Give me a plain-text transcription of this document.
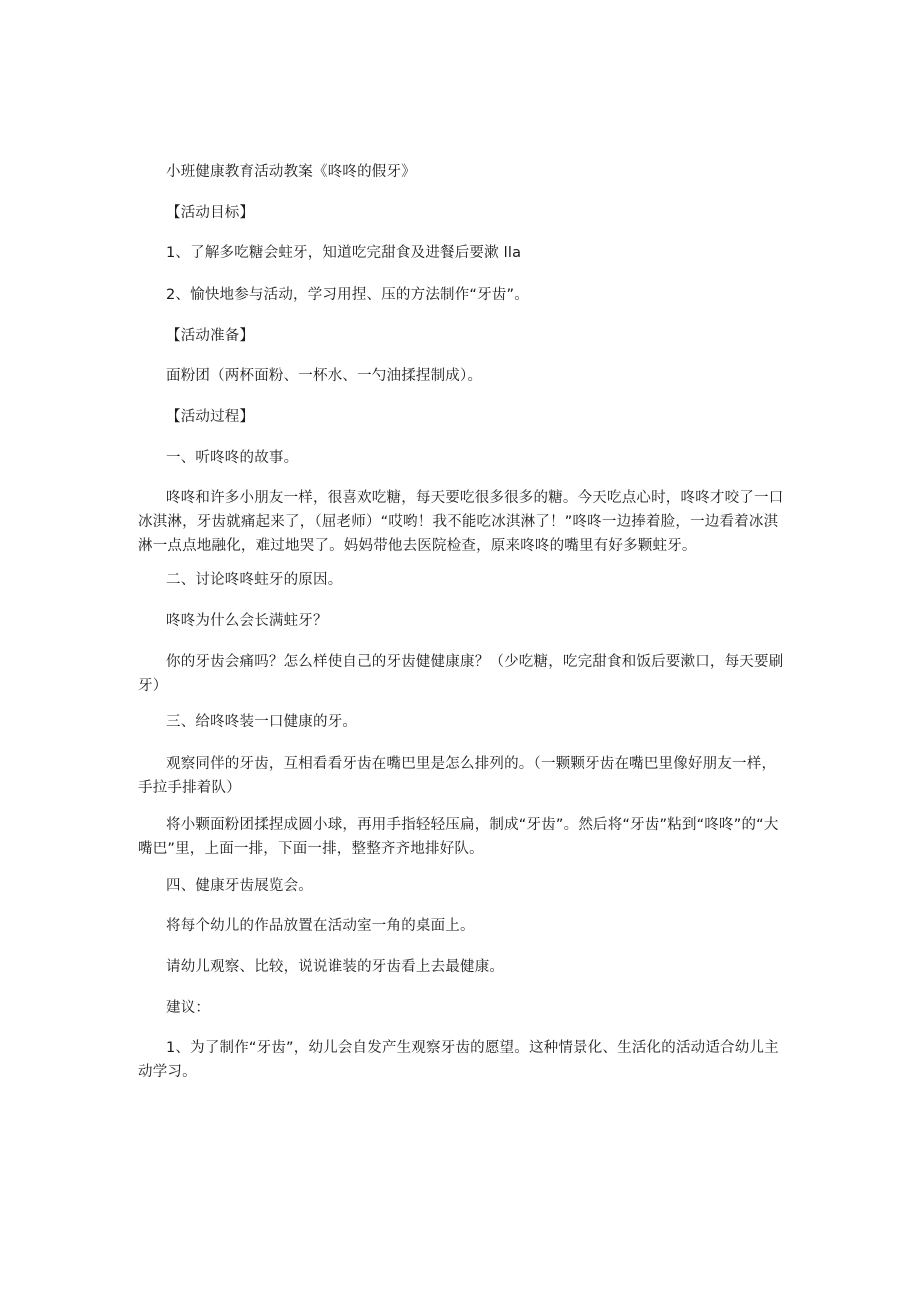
小班健康教育活动教案《咚咚的假牙》
【活动目标】
1、了解多吃糖会蛀牙，知道吃完甜食及进餐后要漱 lla
2、愉快地参与活动，学习用捏、压的方法制作“牙齿”。
【活动准备】
面粉团（两杯面粉、一杯水、一勺油揉捏制成）。
【活动过程】
一、听咚咚的故事。
咚咚和许多小朋友一样，很喜欢吃糖，每天要吃很多很多的糖。今天吃点心时，咚咚才咬了一口冰淇淋，牙齿就痛起来了，（屈老师）“哎哟！我不能吃冰淇淋了！”咚咚一边捧着脸，一边看着冰淇淋一点点地融化，难过地哭了。妈妈带他去医院检查，原来咚咚的嘴里有好多颗蛀牙。
二、讨论咚咚蛀牙的原因。
咚咚为什么会长满蛀牙？
你的牙齿会痛吗？怎么样使自己的牙齿健健康康？（少吃糖，吃完甜食和饭后要漱口，每天要刷牙）
三、给咚咚装一口健康的牙。
观察同伴的牙齿，互相看看牙齿在嘴巴里是怎么排列的。（一颗颗牙齿在嘴巴里像好朋友一样，手拉手排着队）
将小颗面粉团揉捏成圆小球，再用手指轻轻压扁，制成“牙齿”。然后将“牙齿”粘到“咚咚”的“大嘴巴”里，上面一排，下面一排，整整齐齐地排好队。
四、健康牙齿展览会。
将每个幼儿的作品放置在活动室一角的桌面上。
请幼儿观察、比较，说说谁装的牙齿看上去最健康。
建议：
1、为了制作“牙齿”，幼儿会自发产生观察牙齿的愿望。这种情景化、生活化的活动适合幼儿主动学习。
